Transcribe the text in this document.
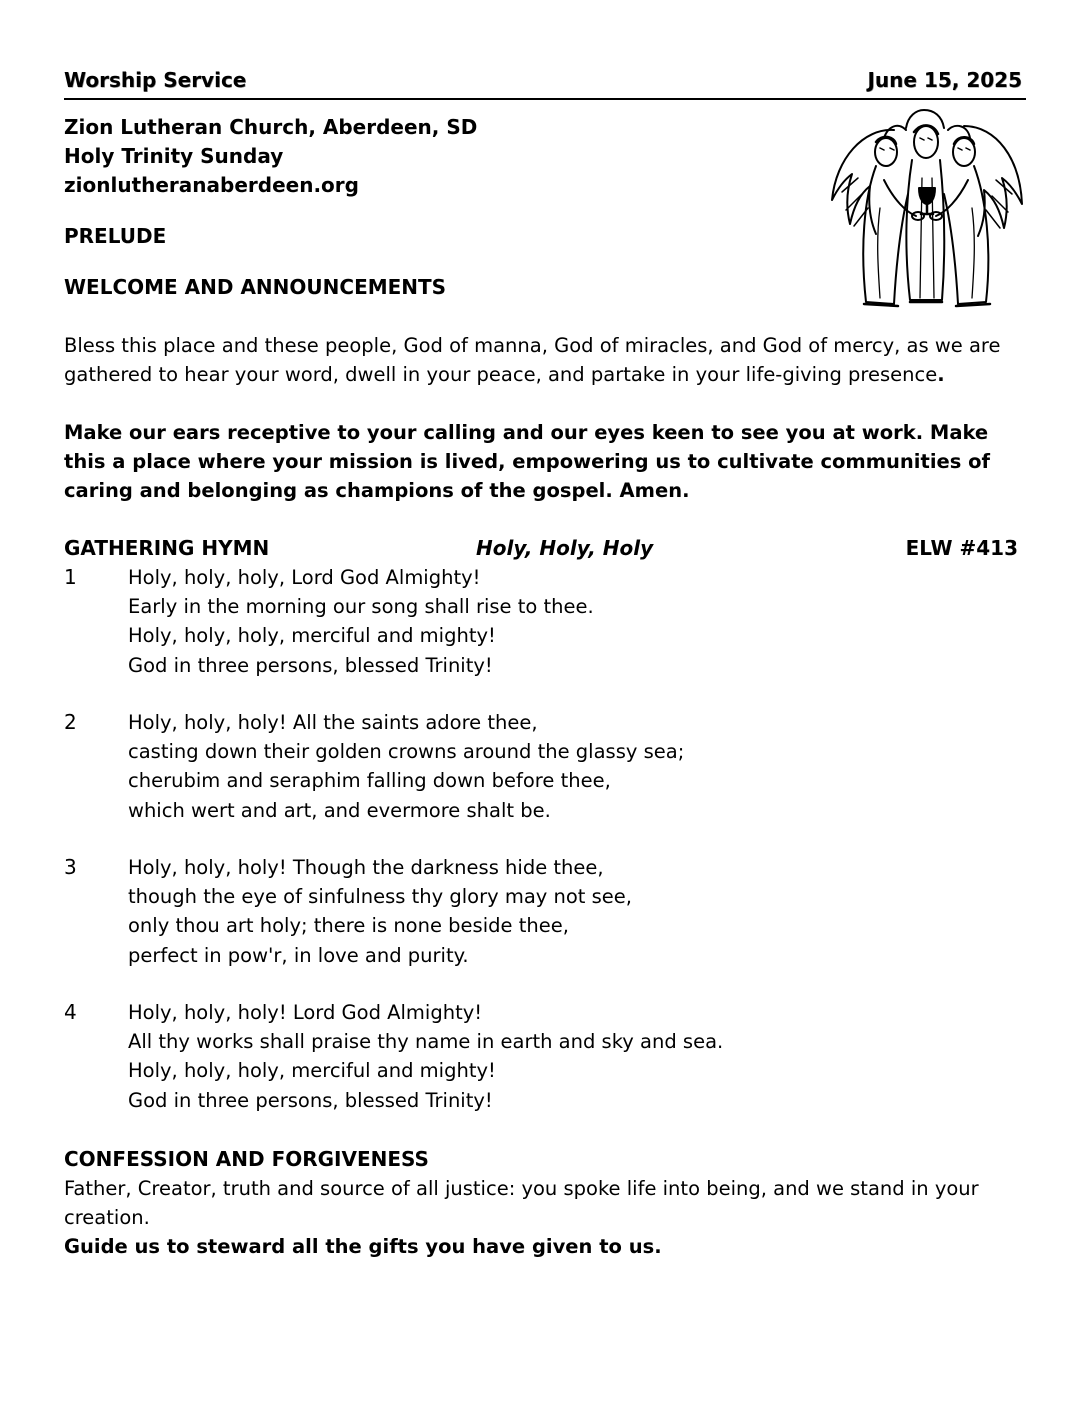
Worship Service	June 15, 2025
Zion Lutheran Church, Aberdeen, SD
Holy Trinity Sunday
zionlutheranaberdeen.org
PRELUDE
WELCOME AND ANNOUNCEMENTS
Bless this place and these people, God of manna, God of miracles, and God of mercy, as we are gathered to hear your word, dwell in your peace, and partake in your life-giving presence.
Make our ears receptive to your calling and our eyes keen to see you at work. Make this a place where your mission is lived, empowering us to cultivate communities of caring and belonging as champions of the gospel. Amen.
GATHERING HYMN	Holy, Holy, Holy	ELW #413
1	Holy, holy, holy, Lord God Almighty!
Early in the morning our song shall rise to thee.
Holy, holy, holy, merciful and mighty!
God in three persons, blessed Trinity!
2	Holy, holy, holy! All the saints adore thee,
casting down their golden crowns around the glassy sea;
cherubim and seraphim falling down before thee,
which wert and art, and evermore shalt be.
3	Holy, holy, holy! Though the darkness hide thee,
though the eye of sinfulness thy glory may not see,
only thou art holy; there is none beside thee,
perfect in pow'r, in love and purity.
4	Holy, holy, holy! Lord God Almighty!
All thy works shall praise thy name in earth and sky and sea.
Holy, holy, holy, merciful and mighty!
God in three persons, blessed Trinity!
CONFESSION AND FORGIVENESS
Father, Creator, truth and source of all justice: you spoke life into being, and we stand in your creation.
Guide us to steward all the gifts you have given to us.
